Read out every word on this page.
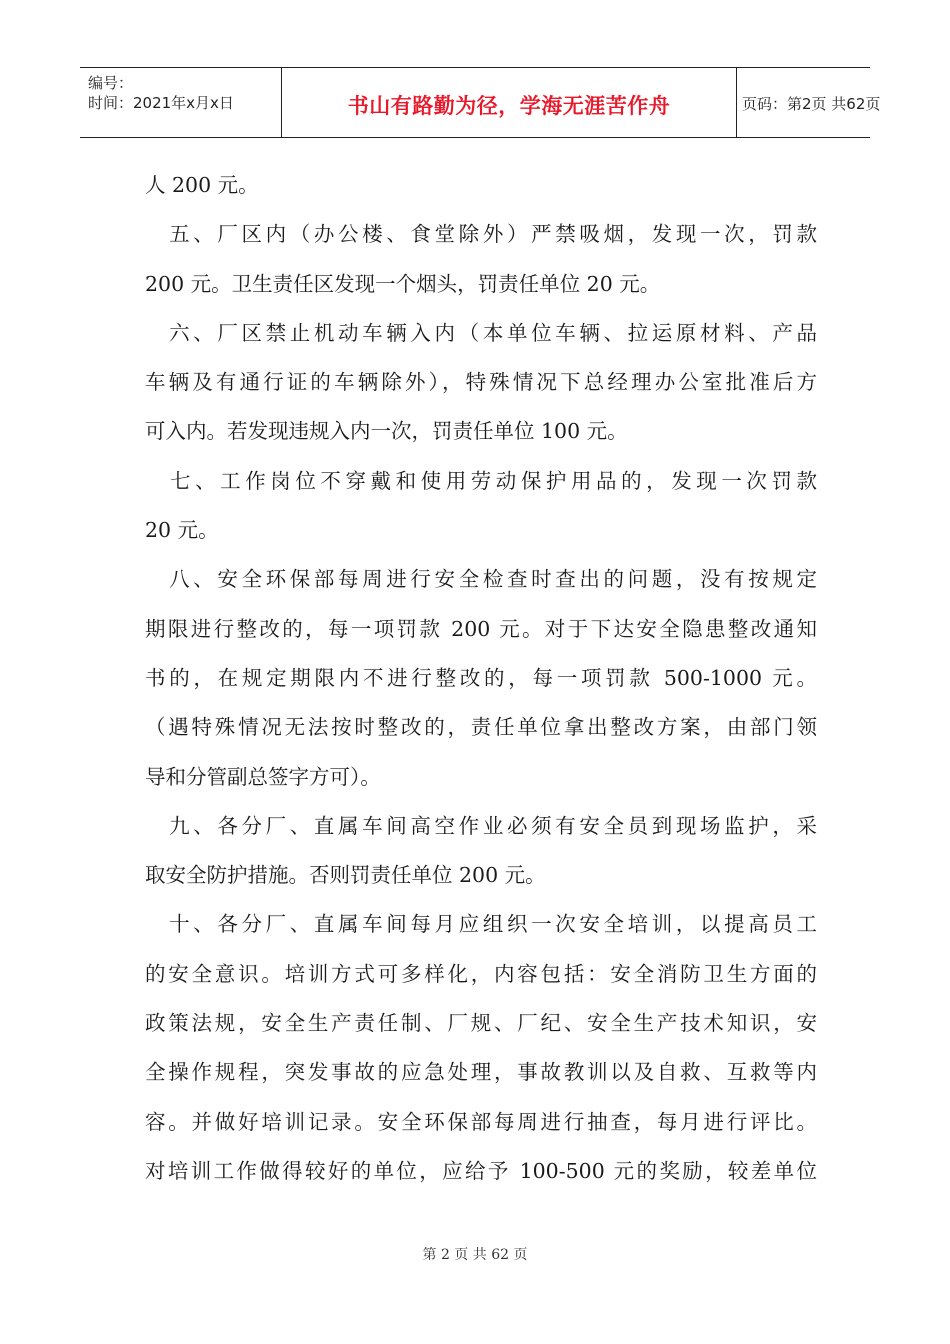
编号：
时间：2021年x月x日	书山有路勤为径，学海无涯苦作舟	页码：第2页 共62页
人 200 元。
　五、厂区内（办公楼、食堂除外）严禁吸烟，发现一次，罚款
200 元。卫生责任区发现一个烟头，罚责任单位 20 元。
　六、厂区禁止机动车辆入内（本单位车辆、拉运原材料、产品
车辆及有通行证的车辆除外），特殊情况下总经理办公室批准后方
可入内。若发现违规入内一次，罚责任单位 100 元。
　七、工作岗位不穿戴和使用劳动保护用品的，发现一次罚款
20 元。
　八、安全环保部每周进行安全检查时查出的问题，没有按规定
期限进行整改的，每一项罚款 200 元。对于下达安全隐患整改通知
书的，在规定期限内不进行整改的，每一项罚款 500-1000 元。
（遇特殊情况无法按时整改的，责任单位拿出整改方案，由部门领
导和分管副总签字方可）。
　九、各分厂、直属车间高空作业必须有安全员到现场监护，采
取安全防护措施。否则罚责任单位 200 元。
　十、各分厂、直属车间每月应组织一次安全培训，以提高员工
的安全意识。培训方式可多样化，内容包括：安全消防卫生方面的
政策法规，安全生产责任制、厂规、厂纪、安全生产技术知识，安
全操作规程，突发事故的应急处理，事故教训以及自救、互救等内
容。并做好培训记录。安全环保部每周进行抽查，每月进行评比。
对培训工作做得较好的单位，应给予 100-500 元的奖励，较差单位
第 2 页 共 62 页
